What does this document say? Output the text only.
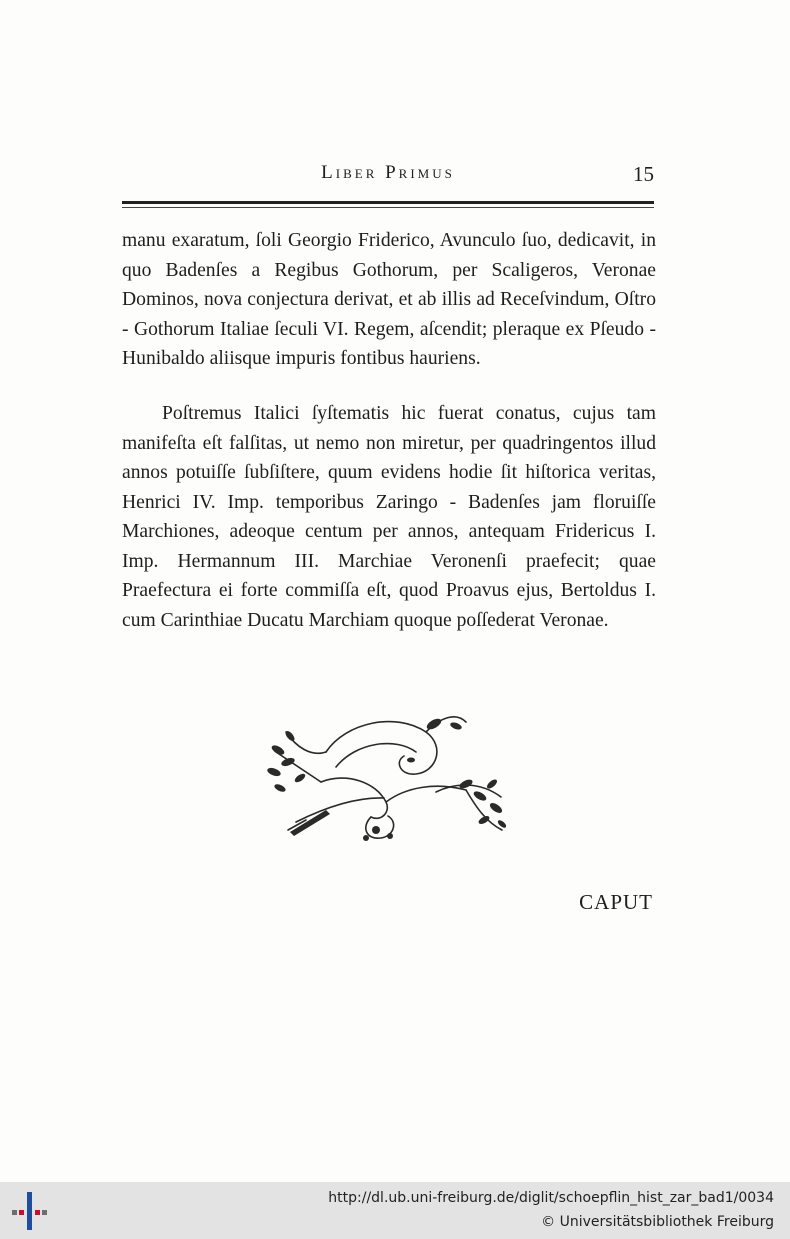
Liber Primus	15

manu exaratum, ſoli Georgio Friderico, Avunculo ſuo, dedicavit, in quo Badenſes a Regibus Gothorum, per Scaligeros, Veronae Dominos, nova conjectura derivat, et ab illis ad Receſvindum, Oſtro - Gothorum Italiae ſeculi VI. Regem, aſcendit; pleraque ex Pſeudo - Hunibaldo aliisque impuris fontibus hauriens.

Poſtremus Italici ſyſtematis hic fuerat conatus, cujus tam manifeſta eſt falſitas, ut nemo non miretur, per quadringentos illud annos potuiſſe ſubſiſtere, quum evidens hodie ſit hiſtorica veritas, Henrici IV. Imp. temporibus Zaringo - Badenſes jam floruiſſe Marchiones, adeoque centum per annos, antequam Fridericus I. Imp. Hermannum III. Marchiae Veronenſi praefecit; quae Praefectura ei forte commiſſa eſt, quod Proavus ejus, Bertoldus I. cum Carinthiae Ducatu Marchiam quoque poſſederat Veronae.

CAPUT
http://dl.ub.uni-freiburg.de/diglit/schoepflin_hist_zar_bad1/0034
© Universitätsbibliothek Freiburg
